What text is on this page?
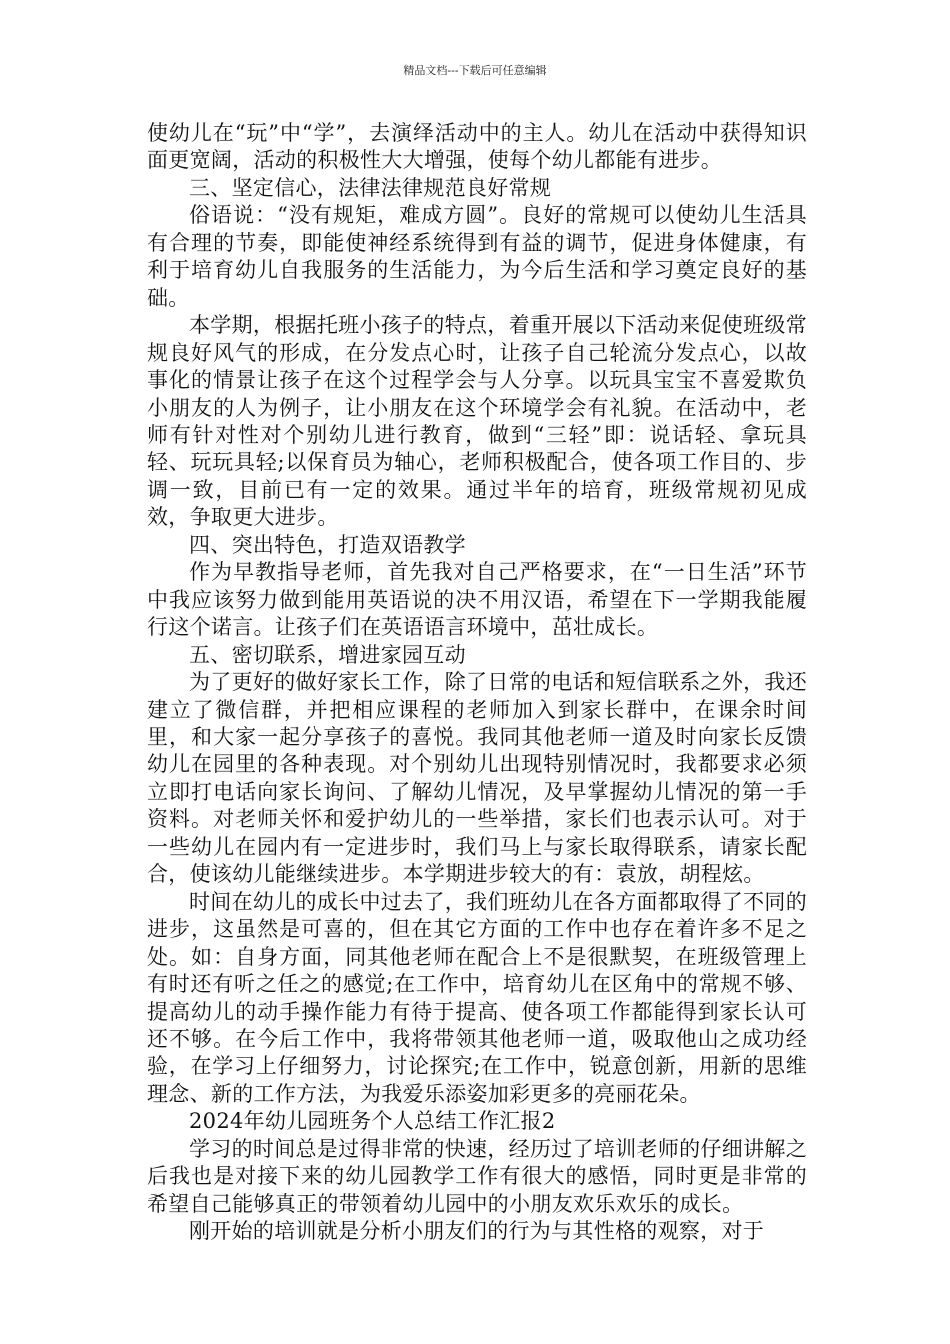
精品文档---下载后可任意编辑

使幼儿在“玩”中“学”，去演绎活动中的主人。幼儿在活动中获得知识面更宽阔，活动的积极性大大增强，使每个幼儿都能有进步。

三、坚定信心，法律法律规范良好常规

俗语说：“没有规矩，难成方圆”。良好的常规可以使幼儿生活具有合理的节奏，即能使神经系统得到有益的调节，促进身体健康，有利于培育幼儿自我服务的生活能力，为今后生活和学习奠定良好的基础。

本学期，根据托班小孩子的特点，着重开展以下活动来促使班级常规良好风气的形成，在分发点心时，让孩子自己轮流分发点心，以故事化的情景让孩子在这个过程学会与人分享。以玩具宝宝不喜爱欺负小朋友的人为例子，让小朋友在这个环境学会有礼貌。在活动中，老师有针对性对个别幼儿进行教育，做到“三轻”即：说话轻、拿玩具轻、玩玩具轻;以保育员为轴心，老师积极配合，使各项工作目的、步调一致，目前已有一定的效果。通过半年的培育，班级常规初见成效，争取更大进步。

四、突出特色，打造双语教学

作为早教指导老师，首先我对自己严格要求，在“一日生活”环节中我应该努力做到能用英语说的决不用汉语，希望在下一学期我能履行这个诺言。让孩子们在英语语言环境中，茁壮成长。

五、密切联系，增进家园互动

为了更好的做好家长工作，除了日常的电话和短信联系之外，我还建立了微信群，并把相应课程的老师加入到家长群中，在课余时间里，和大家一起分享孩子的喜悦。我同其他老师一道及时向家长反馈幼儿在园里的各种表现。对个别幼儿出现特别情况时，我都要求必须立即打电话向家长询问、了解幼儿情况，及早掌握幼儿情况的第一手资料。对老师关怀和爱护幼儿的一些举措，家长们也表示认可。对于一些幼儿在园内有一定进步时，我们马上与家长取得联系，请家长配合，使该幼儿能继续进步。本学期进步较大的有：袁放，胡程炫。

时间在幼儿的成长中过去了，我们班幼儿在各方面都取得了不同的进步，这虽然是可喜的，但在其它方面的工作中也存在着许多不足之处。如：自身方面，同其他老师在配合上不是很默契，在班级管理上有时还有听之任之的感觉;在工作中，培育幼儿在区角中的常规不够、提高幼儿的动手操作能力有待于提高、使各项工作都能得到家长认可还不够。在今后工作中，我将带领其他老师一道，吸取他山之成功经验，在学习上仔细努力，讨论探究;在工作中，锐意创新，用新的思维理念、新的工作方法，为我爱乐添姿加彩更多的亮丽花朵。

2024年幼儿园班务个人总结工作汇报2

学习的时间总是过得非常的快速，经历过了培训老师的仔细讲解之后我也是对接下来的幼儿园教学工作有很大的感悟，同时更是非常的希望自己能够真正的带领着幼儿园中的小朋友欢乐欢乐的成长。

刚开始的培训就是分析小朋友们的行为与其性格的观察，对于
